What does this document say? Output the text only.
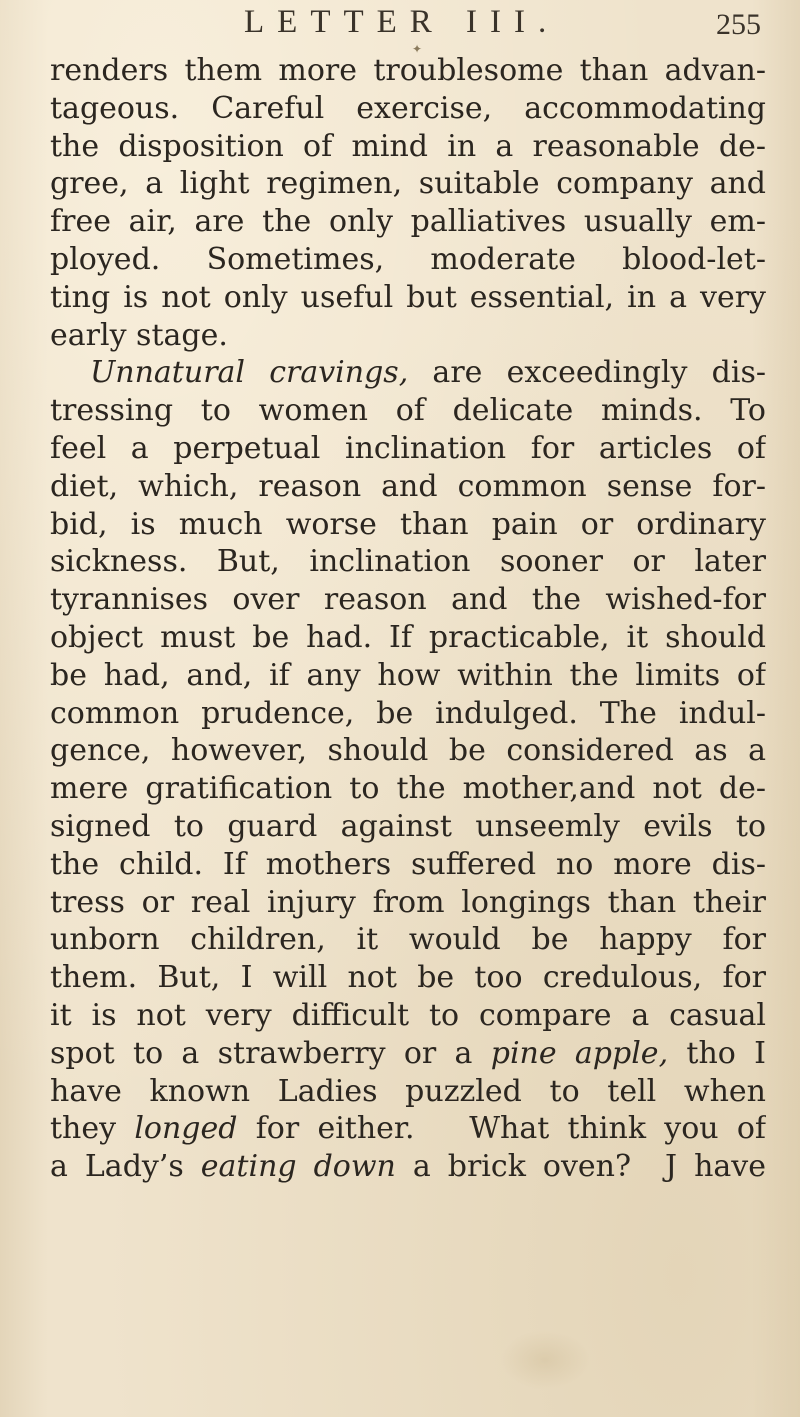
LETTER III.	255
✦
renders them more troublesome than advan-
tageous. Careful exercise, accommodating
the disposition of mind in a reasonable de-
gree, a light regimen, suitable company and
free air, are the only palliatives usually em-
ployed. Sometimes, moderate blood-let-
ting is not only useful but essential, in a very
early stage.
Unnatural cravings, are exceedingly dis-
tressing to women of delicate minds. To
feel a perpetual inclination for articles of
diet, which, reason and common sense for-
bid, is much worse than pain or ordinary
sickness. But, inclination sooner or later
tyrannises over reason and the wished-for
object must be had. If practicable, it should
be had, and, if any how within the limits of
common prudence, be indulged. The indul-
gence, however, should be considered as a
mere gratification to the mother,and not de-
signed to guard against unseemly evils to
the child. If mothers suffered no more dis-
tress or real injury from longings than their
unborn children, it would be happy for
them. But, I will not be too credulous, for
it is not very difficult to compare a casual
spot to a strawberry or a pine apple, tho I
have known Ladies puzzled to tell when
they longed for either.   What think you of
a Lady’s eating down a brick oven?  J have
